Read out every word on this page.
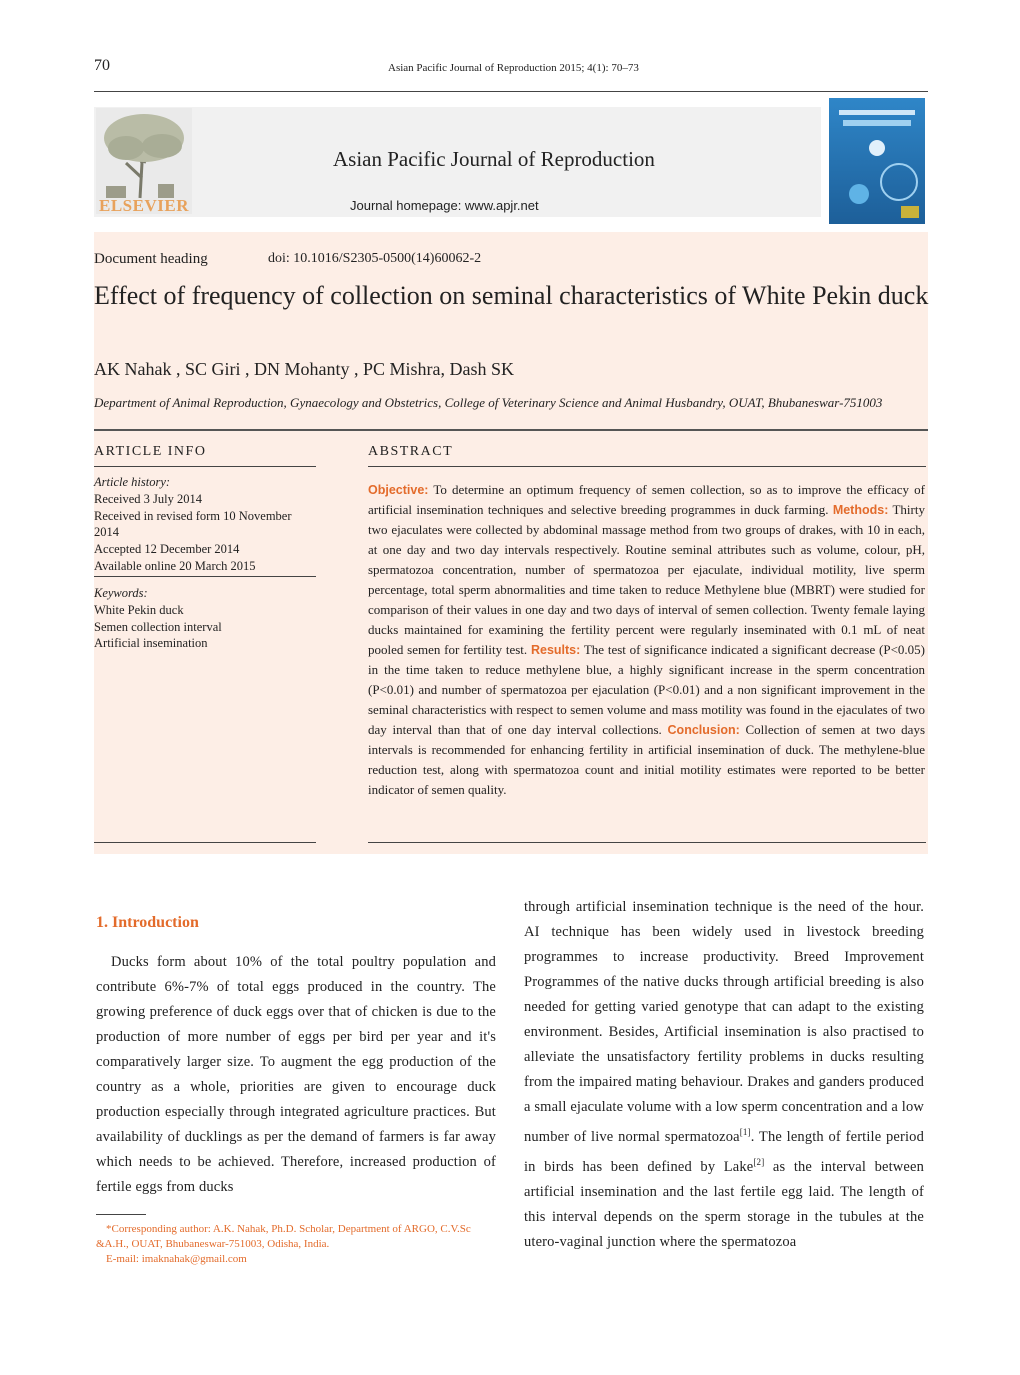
70	Asian Pacific Journal of Reproduction 2015; 4(1): 70–73
ELSEVIER
Asian Pacific Journal of Reproduction
Journal homepage: www.apjr.net
Document heading	doi: 10.1016/S2305-0500(14)60062-2
Effect of frequency of collection on seminal characteristics of White Pekin duck
AK Nahak , SC Giri , DN Mohanty , PC Mishra, Dash SK
Department of Animal Reproduction, Gynaecology and Obstetrics, College of Veterinary Science and Animal Husbandry, OUAT, Bhubaneswar-751003
ARTICLE INFO
Article history:
Received 3 July 2014
Received in revised form 10 November 2014
Accepted 12 December 2014
Available online 20 March 2015
Keywords:
White Pekin duck
Semen collection interval
Artificial insemination
ABSTRACT
Objective: To determine an optimum frequency of semen collection, so as to improve the efficacy of artificial insemination techniques and selective breeding programmes in duck farming. Methods: Thirty two ejaculates were collected by abdominal massage method from two groups of drakes, with 10 in each, at one day and two day intervals respectively. Routine seminal attributes such as volume, colour, pH, spermatozoa concentration, number of spermatozoa per ejaculate, individual motility, live sperm percentage, total sperm abnormalities and time taken to reduce Methylene blue (MBRT) were studied for comparison of their values in one day and two days of interval of semen collection. Twenty female laying ducks maintained for examining the fertility percent were regularly inseminated with 0.1 mL of neat pooled semen for fertility test. Results: The test of significance indicated a significant decrease (P<0.05) in the time taken to reduce methylene blue, a highly significant increase in the sperm concentration (P<0.01) and number of spermatozoa per ejaculation (P<0.01) and a non significant improvement in the seminal characteristics with respect to semen volume and mass motility was found in the ejaculates of two day interval than that of one day interval collections. Conclusion: Collection of semen at two days intervals is recommended for enhancing fertility in artificial insemination of duck. The methylene-blue reduction test, along with spermatozoa count and initial motility estimates were reported to be better indicator of semen quality.
1. Introduction
Ducks form about 10% of the total poultry population and contribute 6%-7% of total eggs produced in the country. The growing preference of duck eggs over that of chicken is due to the production of more number of eggs per bird per year and it's comparatively larger size. To augment the egg production of the country as a whole, priorities are given to encourage duck production especially through integrated agriculture practices. But availability of ducklings as per the demand of farmers is far away which needs to be achieved. Therefore, increased production of fertile eggs from ducks
through artificial insemination technique is the need of the hour. AI technique has been widely used in livestock breeding programmes to increase productivity. Breed Improvement Programmes of the native ducks through artificial breeding is also needed for getting varied genotype that can adapt to the existing environment. Besides, Artificial insemination is also practised to alleviate the unsatisfactory fertility problems in ducks resulting from the impaired mating behaviour. Drakes and ganders produced a small ejaculate volume with a low sperm concentration and a low number of live normal spermatozoa[1]. The length of fertile period in birds has been defined by Lake[2] as the interval between artificial insemination and the last fertile egg laid. The length of this interval depends on the sperm storage in the tubules at the utero-vaginal junction where the spermatozoa
*Corresponding author: A.K. Nahak, Ph.D. Scholar, Department of ARGO, C.V.Sc &A.H., OUAT, Bhubaneswar-751003, Odisha, India.
E-mail: imaknahak@gmail.com
